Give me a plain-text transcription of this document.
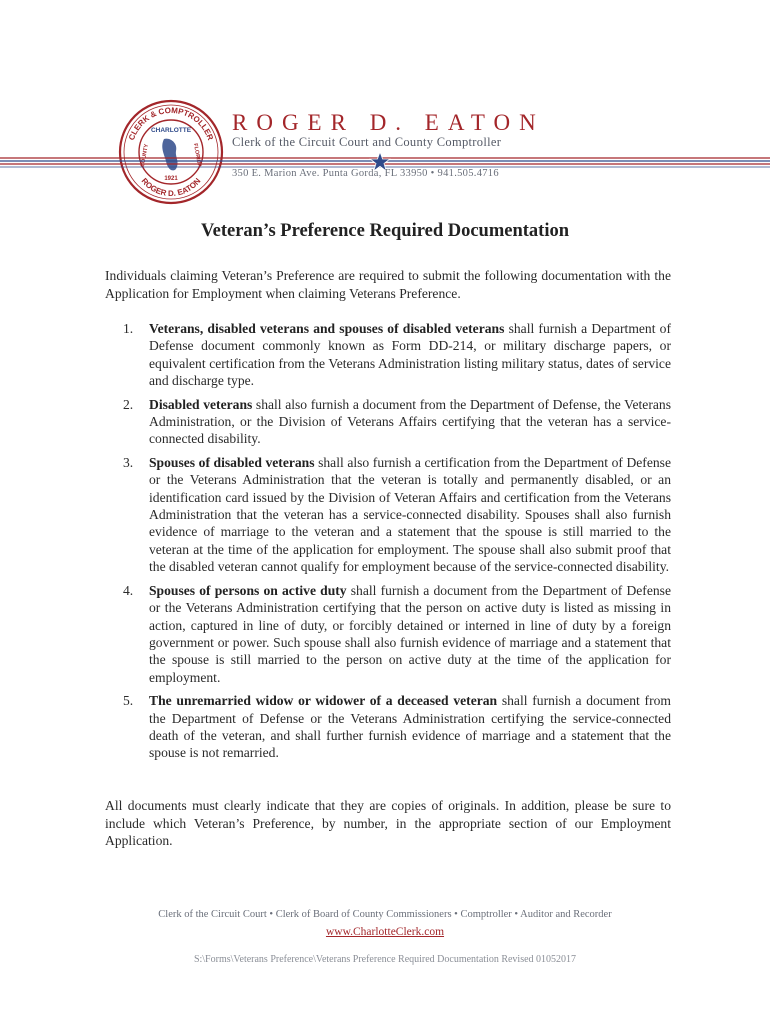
CLERK & COMPTROLLER
ROGER D. EATON
CHARLOTTE
1921
COUNTY	FLORIDA
ROGER D. EATON
Clerk of the Circuit Court and County Comptroller
350 E. Marion Ave. Punta Gorda, FL 33950 • 941.505.4716
Veteran’s Preference Required Documentation

Individuals claiming Veteran’s Preference are required to submit the following documentation with the Application for Employment when claiming Veterans Preference.

1. Veterans, disabled veterans and spouses of disabled veterans shall furnish a Department of Defense document commonly known as Form DD-214, or military discharge papers, or equivalent certification from the Veterans Administration listing military status, dates of service and discharge type.
2. Disabled veterans shall also furnish a document from the Department of Defense, the Veterans Administration, or the Division of Veterans Affairs certifying that the veteran has a service-connected disability.
3. Spouses of disabled veterans shall also furnish a certification from the Department of Defense or the Veterans Administration that the veteran is totally and permanently disabled, or an identification card issued by the Division of Veteran Affairs and certification from the Veterans Administration that the veteran has a service-connected disability. Spouses shall also furnish evidence of marriage to the veteran and a statement that the spouse is still married to the veteran at the time of the application for employment. The spouse shall also submit proof that the disabled veteran cannot qualify for employment because of the service-connected disability.
4. Spouses of persons on active duty shall furnish a document from the Department of Defense or the Veterans Administration certifying that the person on active duty is listed as missing in action, captured in line of duty, or forcibly detained or interned in line of duty by a foreign government or power. Such spouse shall also furnish evidence of marriage and a statement that the spouse is still married to the person on active duty at the time of the application for employment.
5. The unremarried widow or widower of a deceased veteran shall furnish a document from the Department of Defense or the Veterans Administration certifying the service-connected death of the veteran, and shall further furnish evidence of marriage and a statement that the spouse is not remarried.

All documents must clearly indicate that they are copies of originals. In addition, please be sure to include which Veteran’s Preference, by number, in the appropriate section of our Employment Application.

Clerk of the Circuit Court • Clerk of Board of County Commissioners • Comptroller • Auditor and Recorder
www.CharlotteClerk.com
S:\Forms\Veterans Preference\Veterans Preference Required Documentation Revised 01052017
